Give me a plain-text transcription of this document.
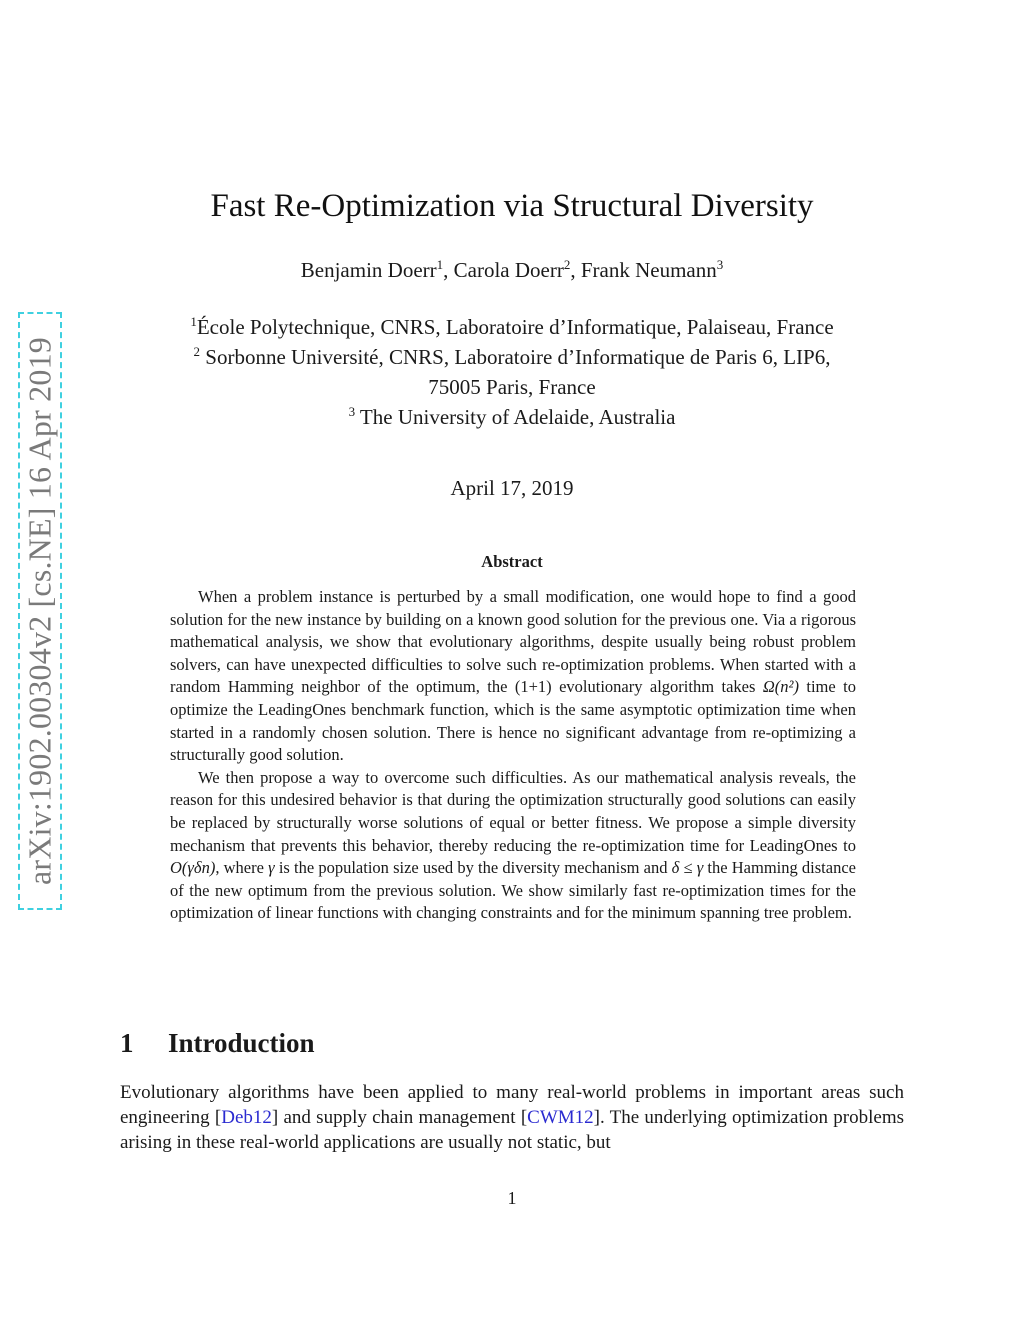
arXiv:1902.00304v2 [cs.NE] 16 Apr 2019
Fast Re-Optimization via Structural Diversity
Benjamin Doerr$^1$, Carola Doerr$^2$, Frank Neumann$^3$
$^1$École Polytechnique, CNRS, Laboratoire d’Informatique, Palaiseau, France
$^2$ Sorbonne Université, CNRS, Laboratoire d’Informatique de Paris 6, LIP6,
75005 Paris, France
$^3$ The University of Adelaide, Australia
April 17, 2019
Abstract

When a problem instance is perturbed by a small modification, one would hope to find a good solution for the new instance by building on a known good solution for the previous one. Via a rigorous mathematical analysis, we show that evolutionary algorithms, despite usually being robust problem solvers, can have unexpected difficulties to solve such re-optimization problems. When started with a random Hamming neighbor of the optimum, the (1+1) evolutionary algorithm takes Ω(n²) time to optimize the LeadingOnes benchmark function, which is the same asymptotic optimization time when started in a randomly chosen solution. There is hence no significant advantage from re-optimizing a structurally good solution.

We then propose a way to overcome such difficulties. As our mathematical analysis reveals, the reason for this undesired behavior is that during the optimization structurally good solutions can easily be replaced by structurally worse solutions of equal or better fitness. We propose a simple diversity mechanism that prevents this behavior, thereby reducing the re-optimization time for LeadingOnes to O(γδn), where γ is the population size used by the diversity mechanism and δ ≤ γ the Hamming distance of the new optimum from the previous solution. We show similarly fast re-optimization times for the optimization of linear functions with changing constraints and for the minimum spanning tree problem.

1 Introduction

Evolutionary algorithms have been applied to many real-world problems in important areas such engineering [Deb12] and supply chain management [CWM12]. The underlying optimization problems arising in these real-world applications are usually not static, but

1
